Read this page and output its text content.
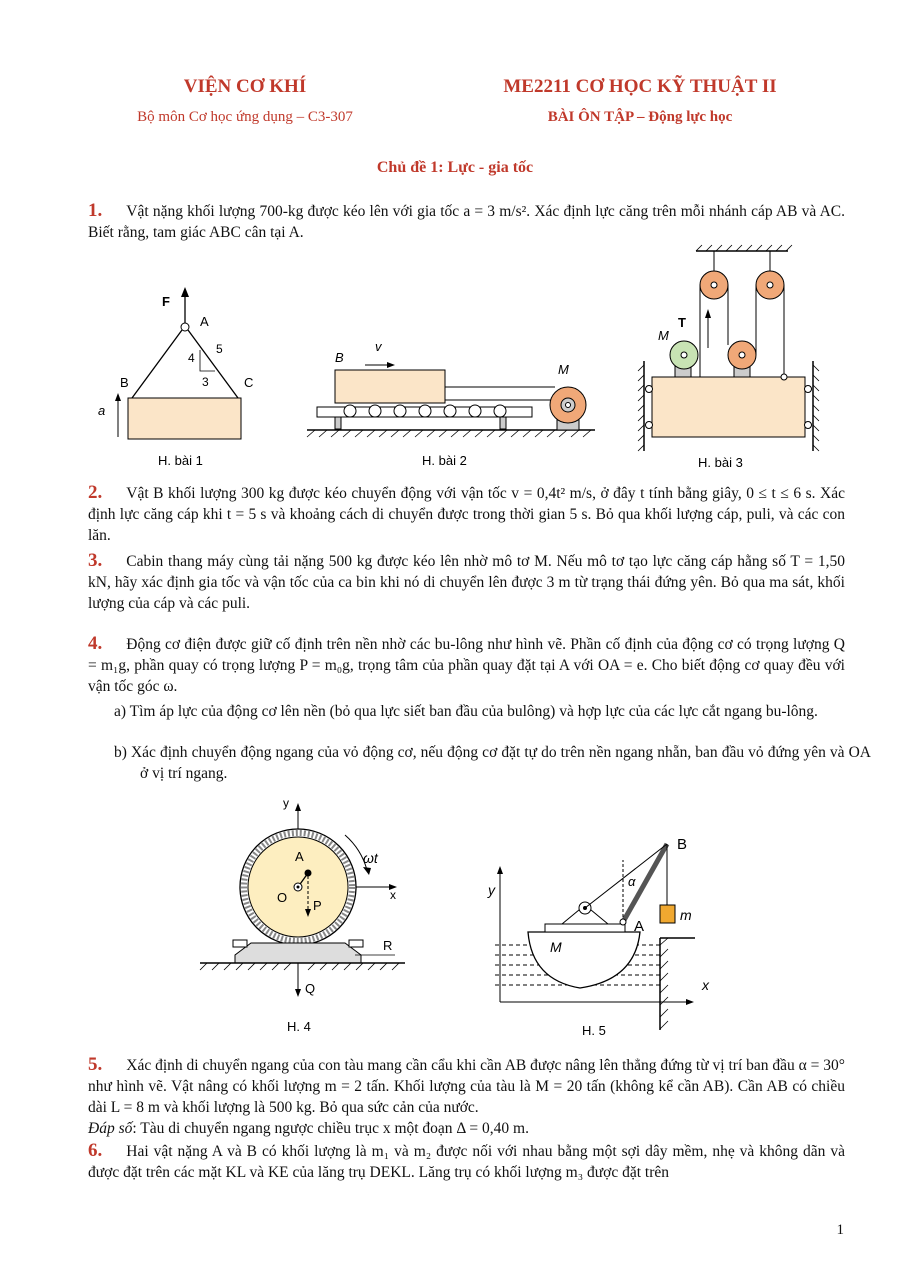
VIỆN CƠ KHÍ
Bộ môn Cơ học ứng dụng – C3-307
ME2211 CƠ HỌC KỸ THUẬT II
BÀI ÔN TẬP – Động lực học
Chủ đề 1: Lực - gia tốc
1. Vật nặng khối lượng 700-kg được kéo lên với gia tốc a = 3 m/s². Xác định lực căng trên mỗi nhánh cáp AB và AC. Biết rằng, tam giác ABC cân tại A.
F
A
5
4
3
B	C
a
H. bài 1
B
v
M
H. bài 2
T
M
H. bài 3
2. Vật B khối lượng 300 kg được kéo chuyển động với vận tốc v = 0,4t² m/s, ở đây t tính bằng giây, 0 ≤ t ≤ 6 s. Xác định lực căng cáp khi t = 5 s và khoảng cách di chuyển được trong thời gian 5 s. Bỏ qua khối lượng cáp, puli, và các con lăn.
3. Cabin thang máy cùng tải nặng 500 kg được kéo lên nhờ mô tơ M. Nếu mô tơ tạo lực căng cáp hằng số T = 1,50 kN, hãy xác định gia tốc và vận tốc của ca bin khi nó di chuyển lên được 3 m từ trạng thái đứng yên. Bỏ qua ma sát, khối lượng của cáp và các puli.
4. Động cơ điện được giữ cố định trên nền nhờ các bu-lông như hình vẽ. Phần cố định của động cơ có trọng lượng Q = m₁g, phần quay có trọng lượng P = m₀g, trọng tâm của phần quay đặt tại A với OA = e. Cho biết động cơ quay đều với vận tốc góc ω.
a) Tìm áp lực của động cơ lên nền (bỏ qua lực siết ban đầu của bulông) và hợp lực của các lực cắt ngang bu-lông.
b) Xác định chuyển động ngang của vỏ động cơ, nếu động cơ đặt tự do trên nền ngang nhẵn, ban đầu vỏ đứng yên và OA ở vị trí ngang.
y
x
A
O
P
R
Q
ωt
H. 4
y
x
B
A
M
m
α
H. 5
5. Xác định di chuyển ngang của con tàu mang cần cẩu khi cần AB được nâng lên thẳng đứng từ vị trí ban đầu α = 30° như hình vẽ. Vật nâng có khối lượng m = 2 tấn. Khối lượng của tàu là M = 20 tấn (không kể cần AB). Cần AB có chiều dài L = 8 m và khối lượng là 500 kg. Bỏ qua sức cản của nước.
Đáp số: Tàu di chuyển ngang ngược chiều trục x một đoạn Δ = 0,40 m.
6. Hai vật nặng A và B có khối lượng là m₁ và m₂ được nối với nhau bằng một sợi dây mềm, nhẹ và không dãn và được đặt trên các mặt KL và KE của lăng trụ DEKL. Lăng trụ có khối lượng m₃ được đặt trên
1
